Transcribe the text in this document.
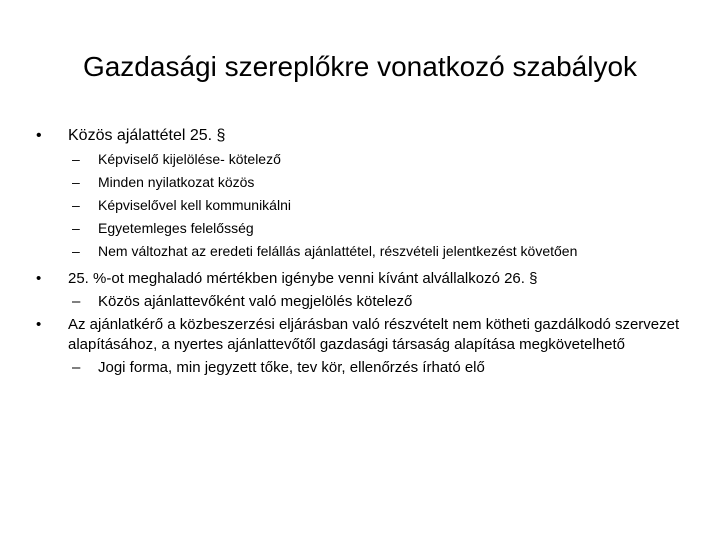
Gazdasági szereplőkre vonatkozó szabályok
•	Közös ajálattétel 25. §
– Képviselő kijelölése- kötelező
– Minden nyilatkozat közös
– Képviselővel kell kommunikálni
– Egyetemleges felelősség
– Nem változhat az eredeti felállás ajánlattétel, részvételi jelentkezést követően
•	25. %-ot meghaladó mértékben igénybe venni kívánt alvállalkozó 26. §
– Közös ajánlattevőként való megjelölés kötelező
•	Az ajánlatkérő a közbeszerzési eljárásban való részvételt nem kötheti gazdálkodó szervezet alapításához, a nyertes ajánlattevőtől gazdasági társaság alapítása megkövetelhető
– Jogi forma, min jegyzett tőke, tev kör, ellenőrzés írható elő
